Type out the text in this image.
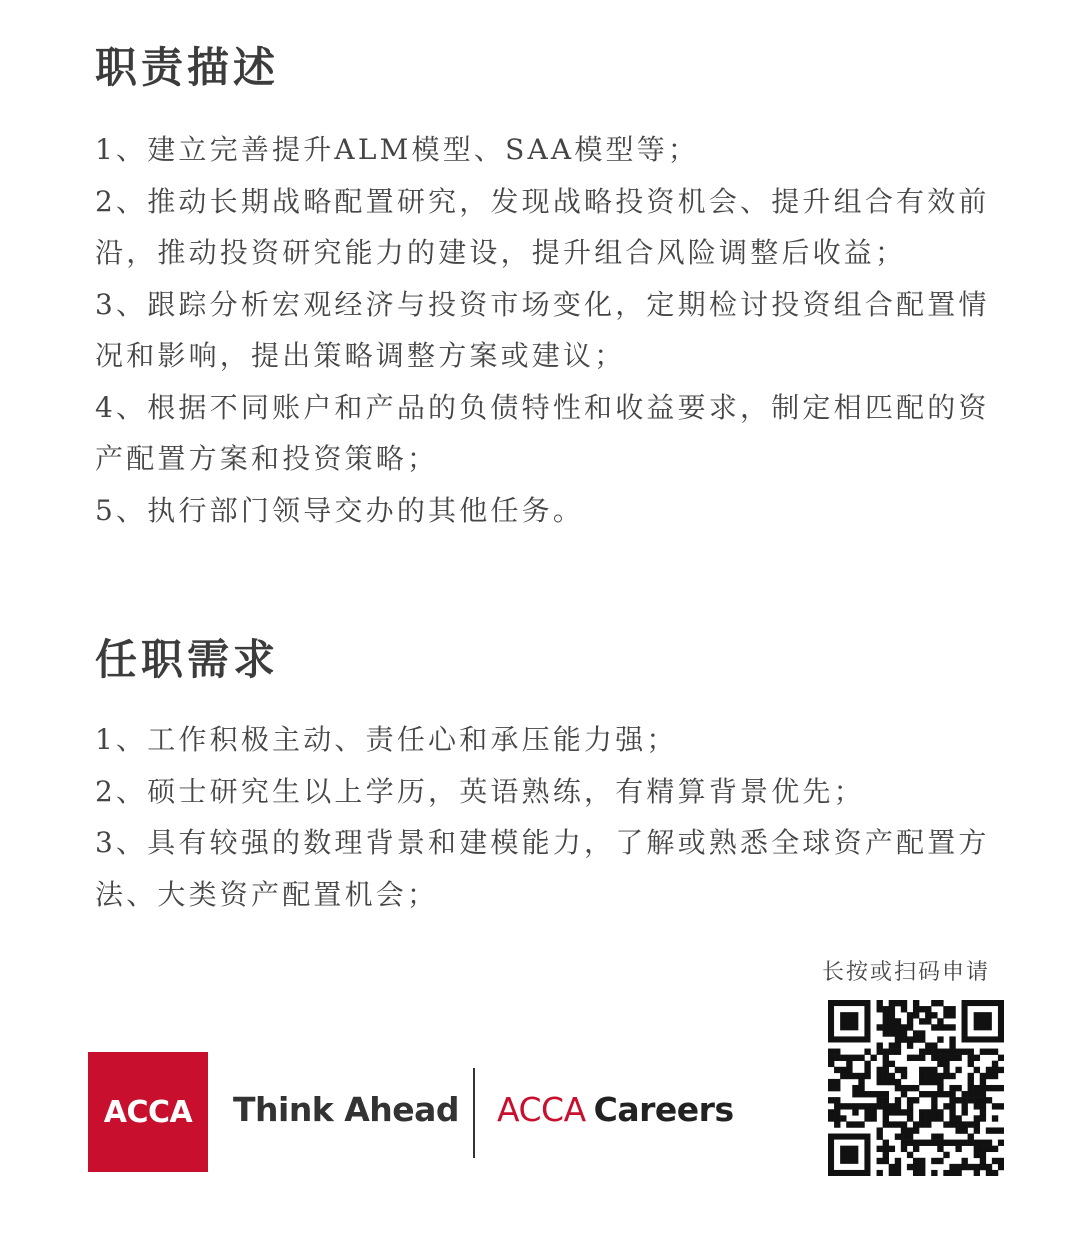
职责描述
1、建立完善提升ALM模型、SAA模型等；
2、推动长期战略配置研究，发现战略投资机会、提升组合有效前沿，推动投资研究能力的建设，提升组合风险调整后收益；
3、跟踪分析宏观经济与投资市场变化，定期检讨投资组合配置情况和影响，提出策略调整方案或建议；
4、根据不同账户和产品的负债特性和收益要求，制定相匹配的资产配置方案和投资策略；
5、执行部门领导交办的其他任务。
任职需求
1、工作积极主动、责任心和承压能力强；
2、硕士研究生以上学历，英语熟练，有精算背景优先；
3、具有较强的数理背景和建模能力，了解或熟悉全球资产配置方法、大类资产配置机会；
长按或扫码申请
ACCA Think Ahead ACCA Careers
